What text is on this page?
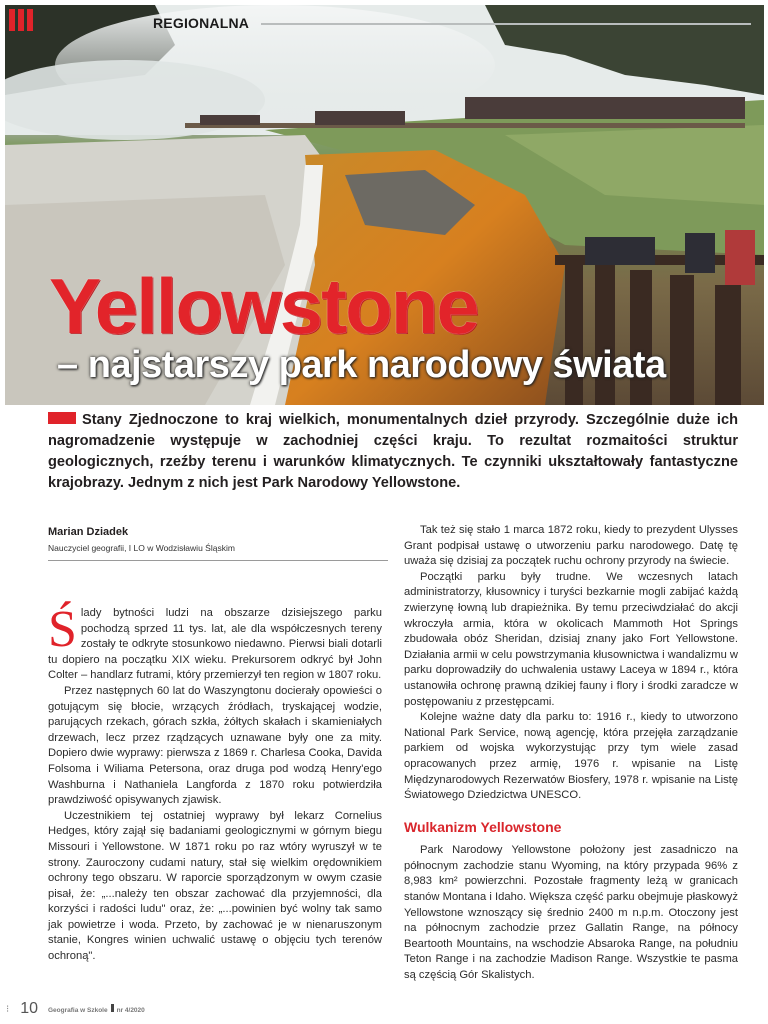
REGIONALNA
Yellowstone
– najstarszy park narodowy świata
Stany Zjednoczone to kraj wielkich, monumentalnych dzieł przyrody. Szczególnie duże ich nagromadzenie występuje w zachodniej części kraju. To rezultat rozmaitości struktur geologicznych, rzeźby terenu i warunków klimatycznych. Te czynniki ukształtowały fantastyczne krajobrazy. Jednym z nich jest Park Narodowy Yellowstone.
Marian Dziadek
Nauczyciel geografii, I LO w Wodzisławiu Śląskim

Ślady bytności ludzi na obszarze dzisiejszego parku pochodzą sprzed 11 tys. lat, ale dla współczesnych tereny zostały te odkryte stosunkowo niedawno. Pierwsi biali dotarli tu dopiero na początku XIX wieku. Prekursorem odkryć był John Colter – handlarz futrami, który przemierzył ten region w 1807 roku.

Przez następnych 60 lat do Waszyngtonu docierały opowieści o gotującym się błocie, wrzących źródłach, tryskającej wodzie, parujących rzekach, górach szkła, żółtych skałach i skamieniałych drzewach, lecz przez rządzących uznawane były one za mity. Dopiero dwie wyprawy: pierwsza z 1869 r. Charlesa Cooka, Davida Folsoma i Wiliama Petersona, oraz druga pod wodzą Henry'ego Washburna i Nathaniela Langforda z 1870 roku potwierdziła prawdziwość opisywanych zjawisk.

Uczestnikiem tej ostatniej wyprawy był lekarz Cornelius Hedges, który zajął się badaniami geologicznymi w górnym biegu Missouri i Yellowstone. W 1871 roku po raz wtóry wyruszył w te strony. Zauroczony cudami natury, stał się wielkim orędownikiem ochrony tego obszaru. W raporcie sporządzonym w owym czasie pisał, że: „...należy ten obszar zachować dla przyjemności, dla korzyści i radości ludu" oraz, że: „...powinien być wolny tak samo jak powietrze i woda. Przeto, by zachować je w nienaruszonym stanie, Kongres winien uchwalić ustawę o objęciu tych terenów ochroną".

Tak też się stało 1 marca 1872 roku, kiedy to prezydent Ulysses Grant podpisał ustawę o utworzeniu parku narodowego. Datę tę uważa się dzisiaj za początek ruchu ochrony przyrody na świecie.

Początki parku były trudne. We wczesnych latach administratorzy, kłusownicy i turyści bezkarnie mogli zabijać każdą zwierzynę łowną lub drapieżnika. By temu przeciwdziałać do akcji wkroczyła armia, która w okolicach Mammoth Hot Springs zbudowała obóz Sheridan, dzisiaj znany jako Fort Yellowstone. Działania armii w celu powstrzymania kłusownictwa i wandalizmu w parku doprowadziły do uchwalenia ustawy Laceya w 1894 r., która ustanowiła ochronę prawną dzikiej fauny i flory i środki zaradcze w postępowaniu z przestępcami.

Kolejne ważne daty dla parku to: 1916 r., kiedy to utworzono National Park Service, nową agencję, która przejęła zarządzanie parkiem od wojska wykorzystując przy tym wiele zasad opracowanych przez armię, 1976 r. wpisanie na Listę Międzynarodowych Rezerwatów Biosfery, 1978 r. wpisanie na Listę Światowego Dziedzictwa UNESCO.

Wulkanizm Yellowstone

Park Narodowy Yellowstone położony jest zasadniczo na północnym zachodzie stanu Wyoming, na który przypada 96% z 8,983 km² powierzchni. Pozostałe fragmenty leżą w granicach stanów Montana i Idaho. Większa część parku obejmuje płaskowyż Yellowstone wznoszący się średnio 2400 m n.p.m. Otoczony jest na północnym zachodzie przez Gallatin Range, na północy Beartooth Mountains, na wschodzie Absaroka Range, na południu Teton Range i na zachodzie Madison Range. Wszystkie te pasma są częścią Gór Skalistych.

⁝ 10 Geografia w Szkole nr 4/2020
